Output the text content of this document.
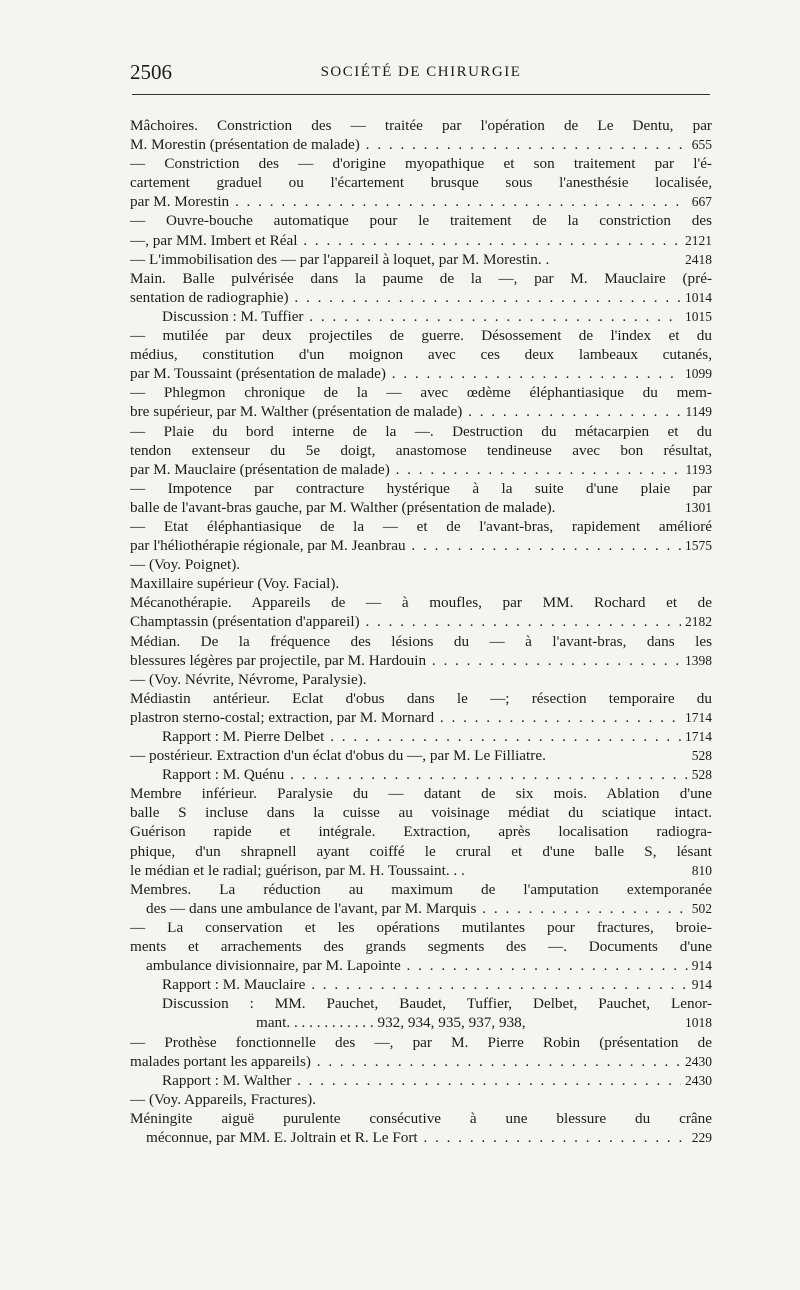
2506	SOCIÉTÉ DE CHIRURGIE
Mâchoires. Constriction des — traitée par l'opération de Le Dentu, par
M. Morestin (présentation de malade) . . .	655
— Constriction des — d'origine myopathique et son traitement par l'é-
cartement graduel ou l'écartement brusque sous l'anesthésie localisée,
par M. Morestin . . .	667
— Ouvre-bouche automatique pour le traitement de la constriction des
—, par MM. Imbert et Réal . . .	2121
— L'immobilisation des — par l'appareil à loquet, par M. Morestin. .	2418
Main. Balle pulvérisée dans la paume de la —, par M. Mauclaire (pré-
sentation de radiographie) . . .	1014
Discussion : M. Tuffier . . .	1015
— mutilée par deux projectiles de guerre. Désossement de l'index et du
médius, constitution d'un moignon avec ces deux lambeaux cutanés,
par M. Toussaint (présentation de malade) . . .	1099
— Phlegmon chronique de la — avec œdème éléphantiasique du mem-
bre supérieur, par M. Walther (présentation de malade) . . .	1149
— Plaie du bord interne de la —. Destruction du métacarpien et du
tendon extenseur du 5e doigt, anastomose tendineuse avec bon résultat,
par M. Mauclaire (présentation de malade) . . .	1193
— Impotence par contracture hystérique à la suite d'une plaie par
balle de l'avant-bras gauche, par M. Walther (présentation de malade).	1301
— Etat éléphantiasique de la — et de l'avant-bras, rapidement amélioré
par l'héliothérapie régionale, par M. Jeanbrau . . .	1575
— (Voy. Poignet).
Maxillaire supérieur (Voy. Facial).
Mécanothérapie. Appareils de — à moufles, par MM. Rochard et de
Champtassin (présentation d'appareil) . . .	2182
Médian. De la fréquence des lésions du — à l'avant-bras, dans les
blessures légères par projectile, par M. Hardouin . . .	1398
— (Voy. Névrite, Névrome, Paralysie).
Médiastin antérieur. Eclat d'obus dans le —; résection temporaire du
plastron sterno-costal; extraction, par M. Mornard . . .	1714
Rapport : M. Pierre Delbet . . .	1714
— postérieur. Extraction d'un éclat d'obus du —, par M. Le Filliatre.	528
Rapport : M. Quénu . . .	528
Membre inférieur. Paralysie du — datant de six mois. Ablation d'une
balle S incluse dans la cuisse au voisinage médiat du sciatique intact.
Guérison rapide et intégrale. Extraction, après localisation radiogra-
phique, d'un shrapnell ayant coiffé le crural et d'une balle S, lésant
le médian et le radial; guérison, par M. H. Toussaint. . .	810
Membres. La réduction au maximum de l'amputation extemporanée
des — dans une ambulance de l'avant, par M. Marquis . . .	502
— La conservation et les opérations mutilantes pour fractures, broie-
ments et arrachements des grands segments des —. Documents d'une
ambulance divisionnaire, par M. Lapointe . . .	914
Rapport : M. Mauclaire . . .	914
Discussion : MM. Pauchet, Baudet, Tuffier, Delbet, Pauchet, Lenor-
mant. . . . . . . . . . . . 932, 934, 935, 937, 938,	1018
— Prothèse fonctionnelle des —, par M. Pierre Robin (présentation de
malades portant les appareils) . . .	2430
Rapport : M. Walther . . .	2430
— (Voy. Appareils, Fractures).
Méningite aiguë purulente consécutive à une blessure du crâne
méconnue, par MM. E. Joltrain et R. Le Fort . . .	229
